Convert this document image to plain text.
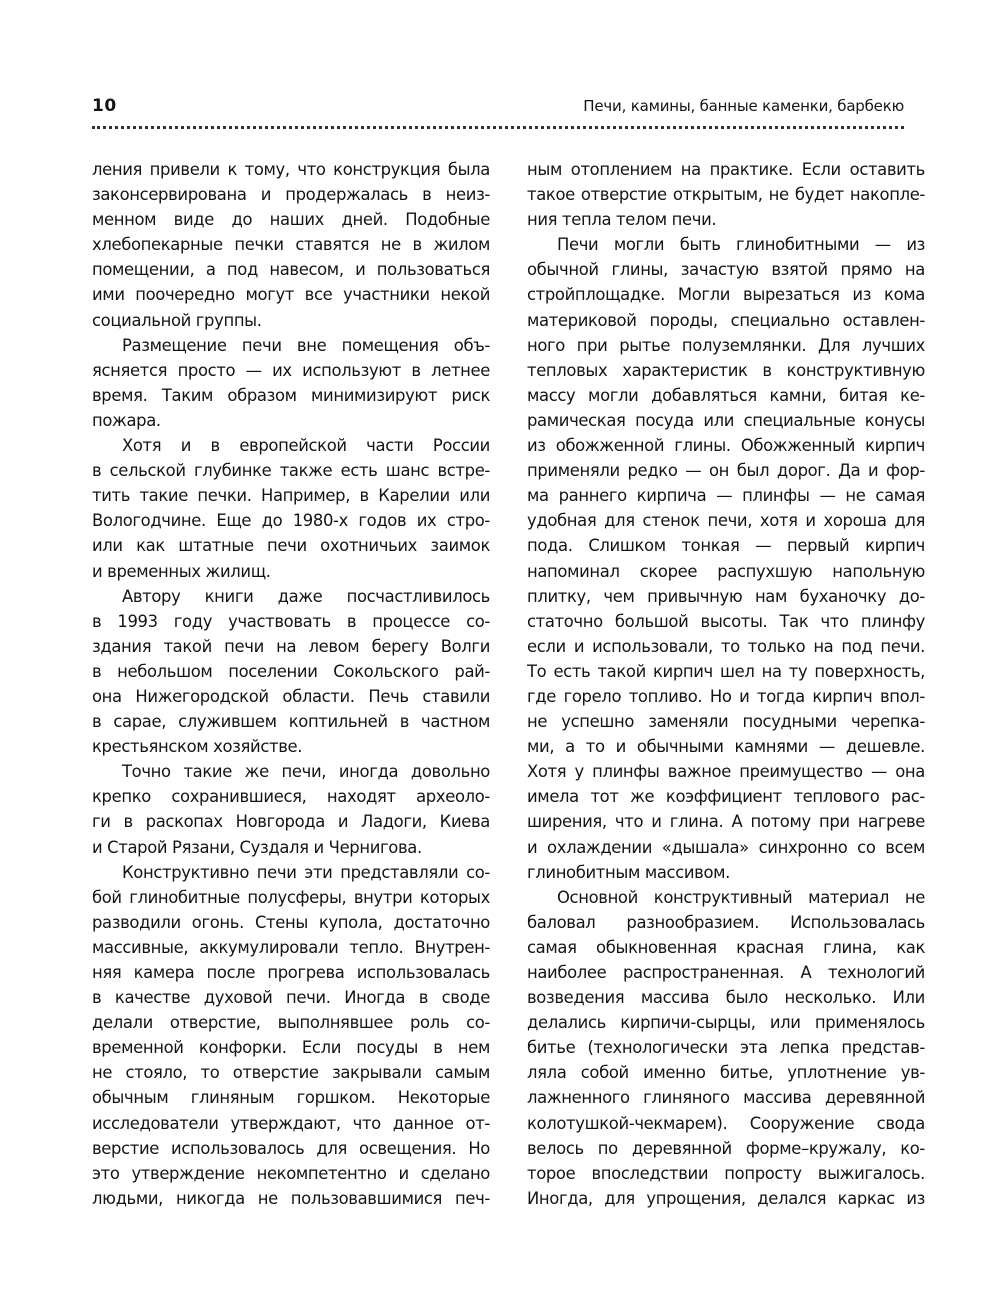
10	Печи, камины, банные каменки, барбекю
ления привели к тому, что конструкция была
законсервирована и продержалась в неиз-
менном виде до наших дней. Подобные
хлебопекарные печки ставятся не в жилом
помещении, а под навесом, и пользоваться
ими поочередно могут все участники некой
социальной группы.
Размещение печи вне помещения объ-
ясняется просто — их используют в летнее
время. Таким образом минимизируют риск
пожара.
Хотя и в европейской части России
в сельской глубинке также есть шанс встре-
тить такие печки. Например, в Карелии или
Вологодчине. Еще до 1980-х годов их стро-
или как штатные печи охотничьих заимок
и временных жилищ.
Автору книги даже посчастливилось
в 1993 году участвовать в процессе со-
здания такой печи на левом берегу Волги
в небольшом поселении Сокольского рай-
она Нижегородской области. Печь ставили
в сарае, служившем коптильней в частном
крестьянском хозяйстве.
Точно такие же печи, иногда довольно
крепко сохранившиеся, находят археоло-
ги в раскопах Новгорода и Ладоги, Киева
и Старой Рязани, Суздаля и Чернигова.
Конструктивно печи эти представляли со-
бой глинобитные полусферы, внутри которых
разводили огонь. Стены купола, достаточно
массивные, аккумулировали тепло. Внутрен-
няя камера после прогрева использовалась
в качестве духовой печи. Иногда в своде
делали отверстие, выполнявшее роль со-
временной конфорки. Если посуды в нем
не стояло, то отверстие закрывали самым
обычным глиняным горшком. Некоторые
исследователи утверждают, что данное от-
верстие использовалось для освещения. Но
это утверждение некомпетентно и сделано
людьми, никогда не пользовавшимися печ-
ным отоплением на практике. Если оставить
такое отверстие открытым, не будет накопле-
ния тепла телом печи.
Печи могли быть глинобитными — из
обычной глины, зачастую взятой прямо на
стройплощадке. Могли вырезаться из кома
материковой породы, специально оставлен-
ного при рытье полуземлянки. Для лучших
тепловых характеристик в конструктивную
массу могли добавляться камни, битая ке-
рамическая посуда или специальные конусы
из обожженной глины. Обожженный кирпич
применяли редко — он был дорог. Да и фор-
ма раннего кирпича — плинфы — не самая
удобная для стенок печи, хотя и хороша для
пода. Слишком тонкая — первый кирпич
напоминал скорее распухшую напольную
плитку, чем привычную нам буханочку до-
статочно большой высоты. Так что плинфу
если и использовали, то только на под печи.
То есть такой кирпич шел на ту поверхность,
где горело топливо. Но и тогда кирпич впол-
не успешно заменяли посудными черепка-
ми, а то и обычными камнями — дешевле.
Хотя у плинфы важное преимущество — она
имела тот же коэффициент теплового рас-
ширения, что и глина. А потому при нагреве
и охлаждении «дышала» синхронно со всем
глинобитным массивом.
Основной конструктивный материал не
баловал разнообразием. Использовалась
самая обыкновенная красная глина, как
наиболее распространенная. А технологий
возведения массива было несколько. Или
делались кирпичи-сырцы, или применялось
битье (технологически эта лепка представ-
ляла собой именно битье, уплотнение ув-
лажненного глиняного массива деревянной
колотушкой-чекмарем). Сооружение свода
велось по деревянной форме–кружалу, ко-
торое впоследствии попросту выжигалось.
Иногда, для упрощения, делался каркас из
